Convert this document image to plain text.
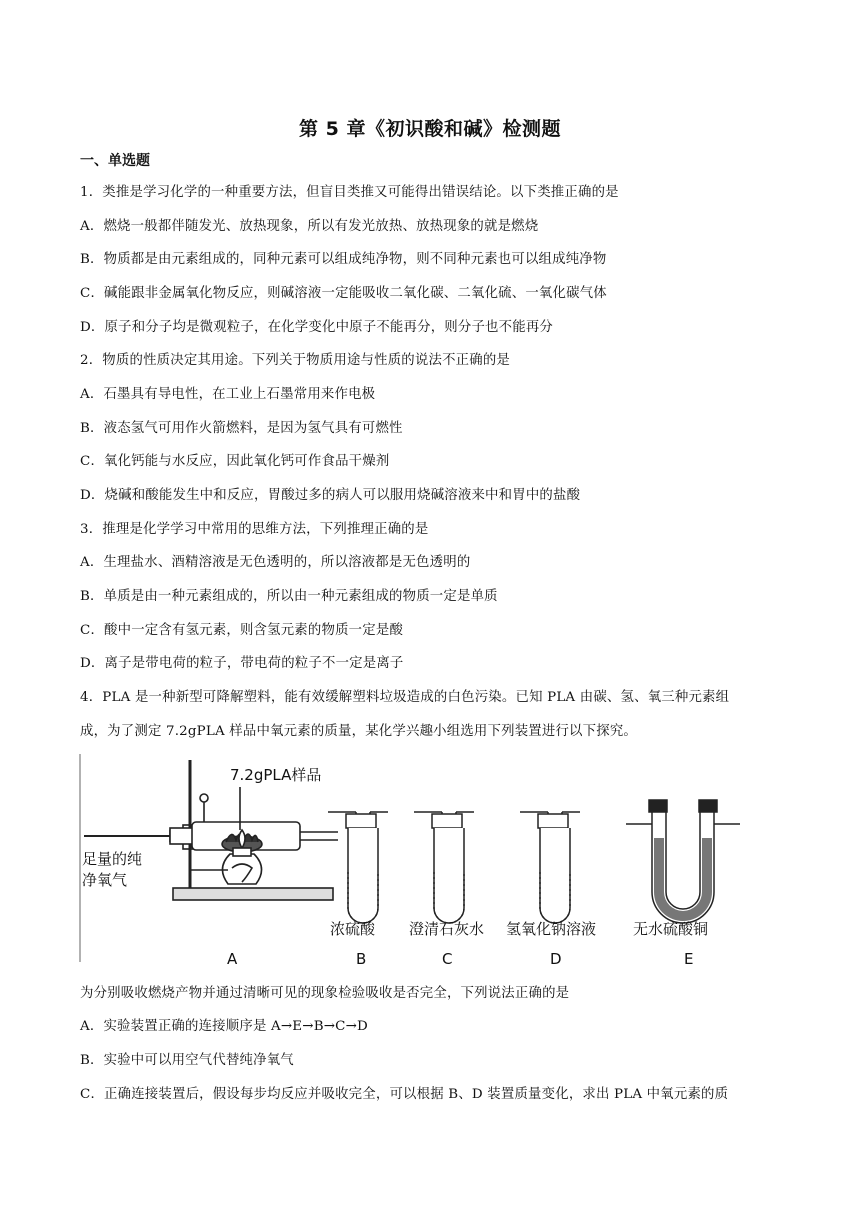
第 5 章《初识酸和碱》检测题
一、单选题
1．类推是学习化学的一种重要方法，但盲目类推又可能得出错误结论。以下类推正确的是
A．燃烧一般都伴随发光、放热现象，所以有发光放热、放热现象的就是燃烧
B．物质都是由元素组成的，同种元素可以组成纯净物，则不同种元素也可以组成纯净物
C．碱能跟非金属氧化物反应，则碱溶液一定能吸收二氧化碳、二氧化硫、一氧化碳气体
D．原子和分子均是微观粒子，在化学变化中原子不能再分，则分子也不能再分
2．物质的性质决定其用途。下列关于物质用途与性质的说法不正确的是
A．石墨具有导电性，在工业上石墨常用来作电极
B．液态氢气可用作火箭燃料，是因为氢气具有可燃性
C．氧化钙能与水反应，因此氧化钙可作食品干燥剂
D．烧碱和酸能发生中和反应，胃酸过多的病人可以服用烧碱溶液来中和胃中的盐酸
3．推理是化学学习中常用的思维方法，下列推理正确的是
A．生理盐水、酒精溶液是无色透明的，所以溶液都是无色透明的
B．单质是由一种元素组成的，所以由一种元素组成的物质一定是单质
C．酸中一定含有氢元素，则含氢元素的物质一定是酸
D．离子是带电荷的粒子，带电荷的粒子不一定是离子
4．PLA 是一种新型可降解塑料，能有效缓解塑料垃圾造成的白色污染。已知 PLA 由碳、氢、氧三种元素组
成，为了测定 7.2gPLA 样品中氧元素的质量，某化学兴趣小组选用下列装置进行以下探究。
7.2gPLA样品
足量的纯
净氧气
浓硫酸 澄清石灰水 氢氧化钠溶液 无水硫酸铜
A	B	C	D	E
为分别吸收燃烧产物并通过清晰可见的现象检验吸收是否完全，下列说法正确的是
A．实验装置正确的连接顺序是 A→E→B→C→D
B．实验中可以用空气代替纯净氧气
C．正确连接装置后，假设每步均反应并吸收完全，可以根据 B、D 装置质量变化，求出 PLA 中氧元素的质
